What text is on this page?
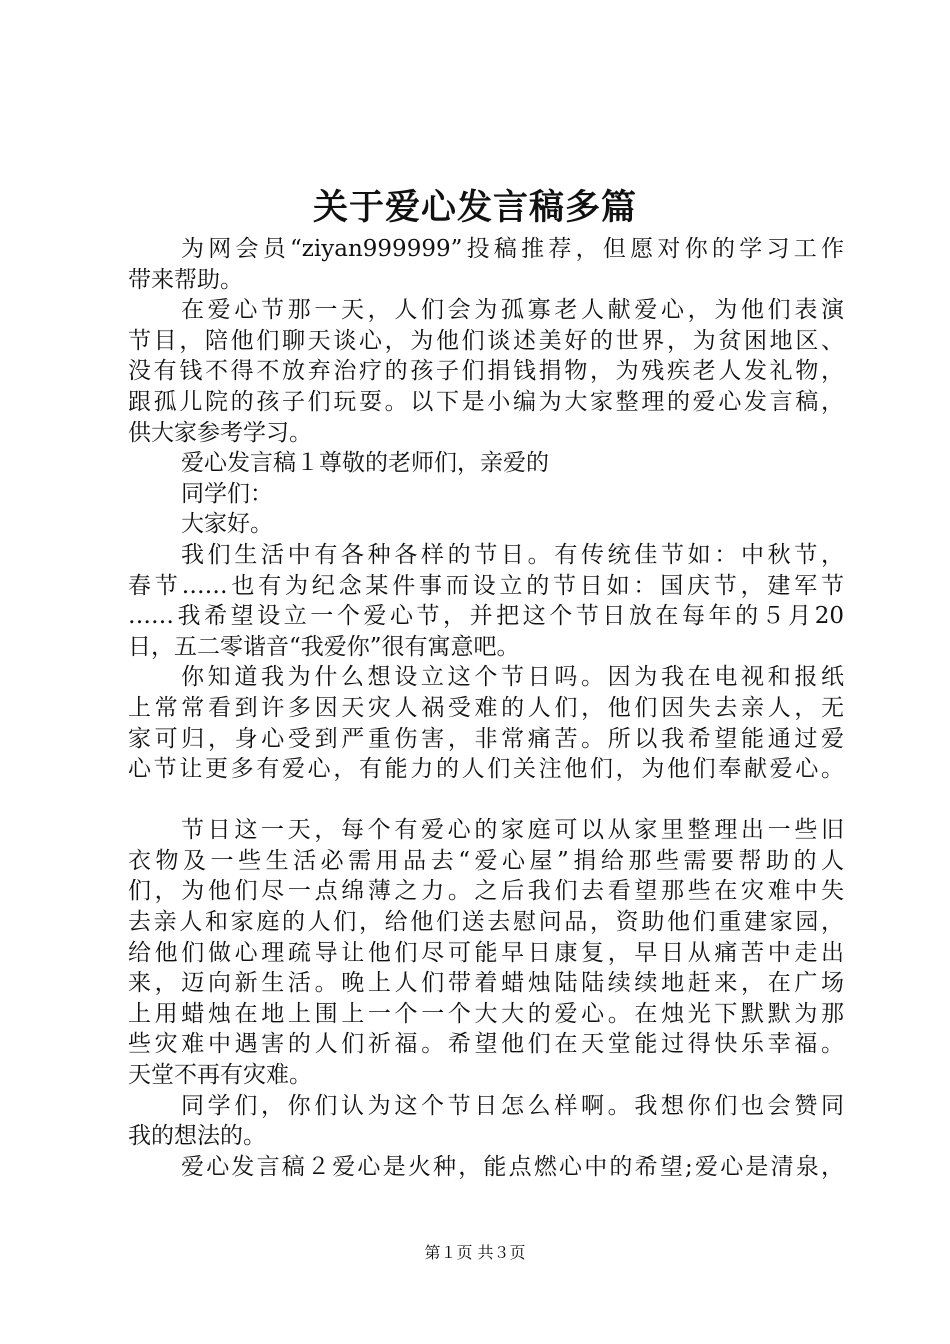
关于爱心发言稿多篇
为网会员“ziyan999999”投稿推荐，但愿对你的学习工作
带来帮助。
在爱心节那一天，人们会为孤寡老人献爱心，为他们表演
节目，陪他们聊天谈心，为他们谈述美好的世界，为贫困地区、
没有钱不得不放弃治疗的孩子们捐钱捐物，为残疾老人发礼物，
跟孤儿院的孩子们玩耍。以下是小编为大家整理的爱心发言稿，
供大家参考学习。
爱心发言稿１尊敬的老师们，亲爱的
同学们：
大家好。
我们生活中有各种各样的节日。有传统佳节如：中秋节，
春节……也有为纪念某件事而设立的节日如：国庆节，建军节
……我希望设立一个爱心节，并把这个节日放在每年的５月20
日，五二零谐音“我爱你”很有寓意吧。
你知道我为什么想设立这个节日吗。因为我在电视和报纸
上常常看到许多因天灾人祸受难的人们，他们因失去亲人，无
家可归，身心受到严重伤害，非常痛苦。所以我希望能通过爱
心节让更多有爱心，有能力的人们关注他们，为他们奉献爱心。
节日这一天，每个有爱心的家庭可以从家里整理出一些旧
衣物及一些生活必需用品去“爱心屋”捐给那些需要帮助的人
们，为他们尽一点绵薄之力。之后我们去看望那些在灾难中失
去亲人和家庭的人们，给他们送去慰问品，资助他们重建家园，
给他们做心理疏导让他们尽可能早日康复，早日从痛苦中走出
来，迈向新生活。晚上人们带着蜡烛陆陆续续地赶来，在广场
上用蜡烛在地上围上一个一个大大的爱心。在烛光下默默为那
些灾难中遇害的人们祈福。希望他们在天堂能过得快乐幸福。
天堂不再有灾难。
同学们，你们认为这个节日怎么样啊。我想你们也会赞同
我的想法的。
爱心发言稿２爱心是火种，能点燃心中的希望;爱心是清泉，
第１页 共３页
